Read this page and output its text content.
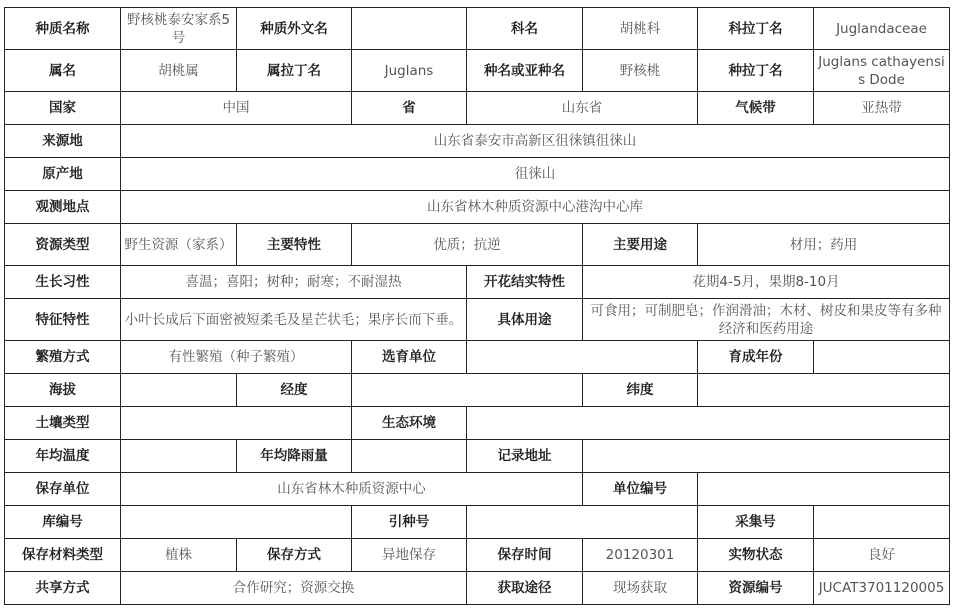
种质名称	野核桃泰安家系5号	种质外文名		科名	胡桃科	科拉丁名	Juglandaceae
属名	胡桃属	属拉丁名	Juglans	种名或亚种名	野核桃	种拉丁名	Juglans cathayensis Dode
国家	中国		省	山东省		气候带	亚热带
来源地	山东省泰安市高新区徂徕镇徂徕山						
原产地	徂徕山						
观测地点	山东省林木种质资源中心港沟中心库						
资源类型	野生资源（家系）	主要特性	优质；抗逆		主要用途	材用；药用	
生长习性	喜温；喜阳；树种；耐寒；不耐湿热			开花结实特性	花期4-5月，果期8-10月		
特征特性	小叶长成后下面密被短柔毛及星芒状毛；果序长而下垂。			具体用途	可食用；可制肥皂；作润滑油；木材、树皮和果皮等有多种经济和医药用途		
繁殖方式	有性繁殖（种子繁殖）		选育单位			育成年份	
海拔		经度			纬度		
土壤类型			生态环境				
年均温度		年均降雨量		记录地址			
保存单位	山东省林木种质资源中心				单位编号		
库编号			引种号			采集号	
保存材料类型	植株	保存方式	异地保存	保存时间	20120301	实物状态	良好
共享方式	合作研究；资源交换			获取途径	现场获取	资源编号	JUCAT3701120005
